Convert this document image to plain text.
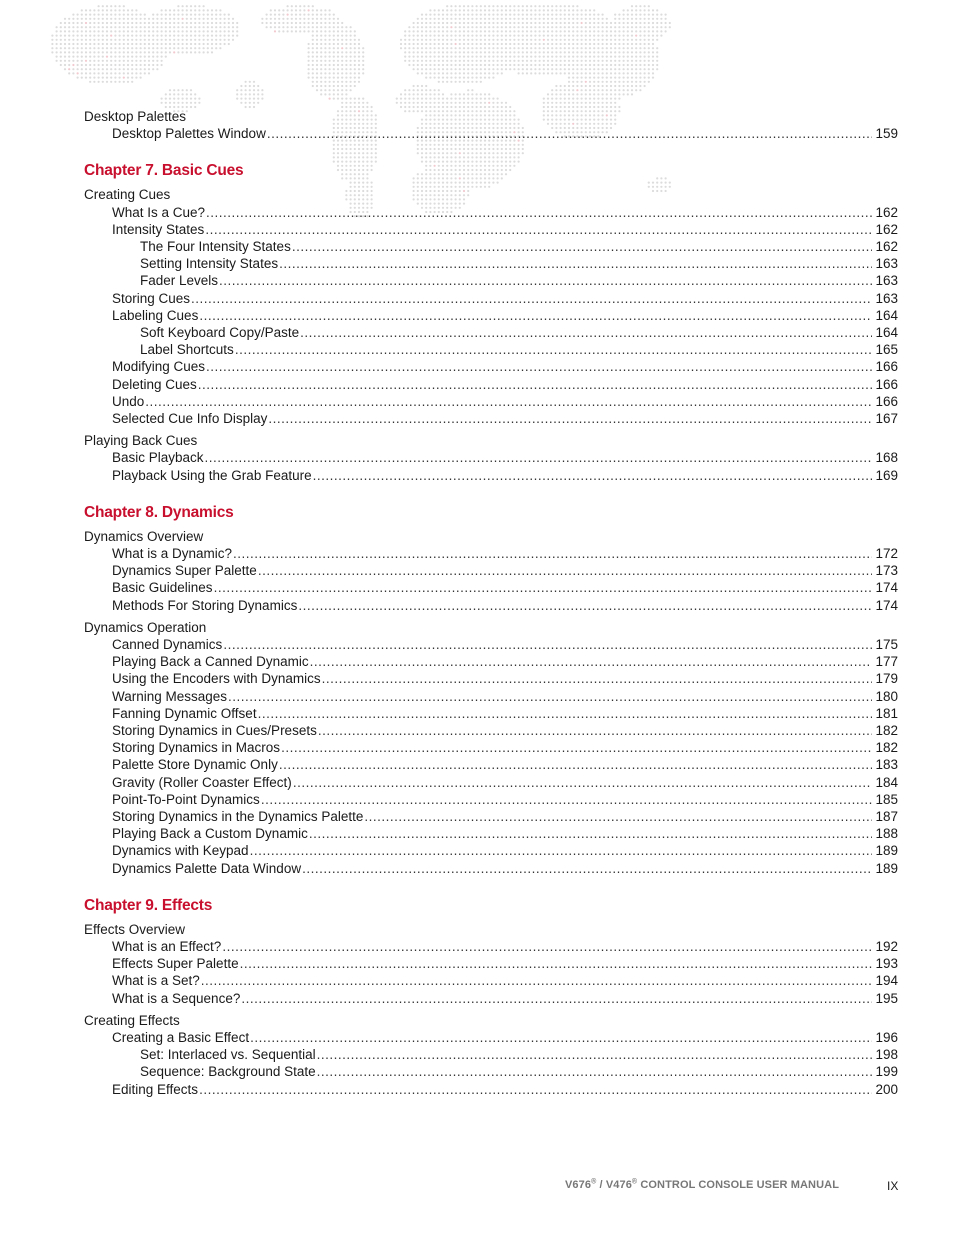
Desktop Palettes
Desktop Palettes Window .....	159
Chapter 7. Basic Cues
Creating Cues
What Is a Cue? .....	162
Intensity States .....	162
The Four Intensity States .....	162
Setting Intensity States .....	163
Fader Levels .....	163
Storing Cues .....	163
Labeling Cues .....	164
Soft Keyboard Copy/Paste .....	164
Label Shortcuts .....	165
Modifying Cues .....	166
Deleting Cues .....	166
Undo .....	166
Selected Cue Info Display .....	167
Playing Back Cues
Basic Playback .....	168
Playback Using the Grab Feature .....	169
Chapter 8. Dynamics
Dynamics Overview
What is a Dynamic? .....	172
Dynamics Super Palette .....	173
Basic Guidelines .....	174
Methods For Storing Dynamics .....	174
Dynamics Operation
Canned Dynamics .....	175
Playing Back a Canned Dynamic .....	177
Using the Encoders with Dynamics .....	179
Warning Messages .....	180
Fanning Dynamic Offset .....	181
Storing Dynamics in Cues/Presets .....	182
Storing Dynamics in Macros .....	182
Palette Store Dynamic Only .....	183
Gravity (Roller Coaster Effect) .....	184
Point-To-Point Dynamics .....	185
Storing Dynamics in the Dynamics Palette .....	187
Playing Back a Custom Dynamic .....	188
Dynamics with Keypad .....	189
Dynamics Palette Data Window .....	189
Chapter 9. Effects
Effects Overview
What is an Effect? .....	192
Effects Super Palette .....	193
What is a Set? .....	194
What is a Sequence? .....	195
Creating Effects
Creating a Basic Effect .....	196
Set: Interlaced vs. Sequential .....	198
Sequence: Background State .....	199
Editing Effects .....	200
V676® / V476® CONTROL CONSOLE USER MANUAL	IX
